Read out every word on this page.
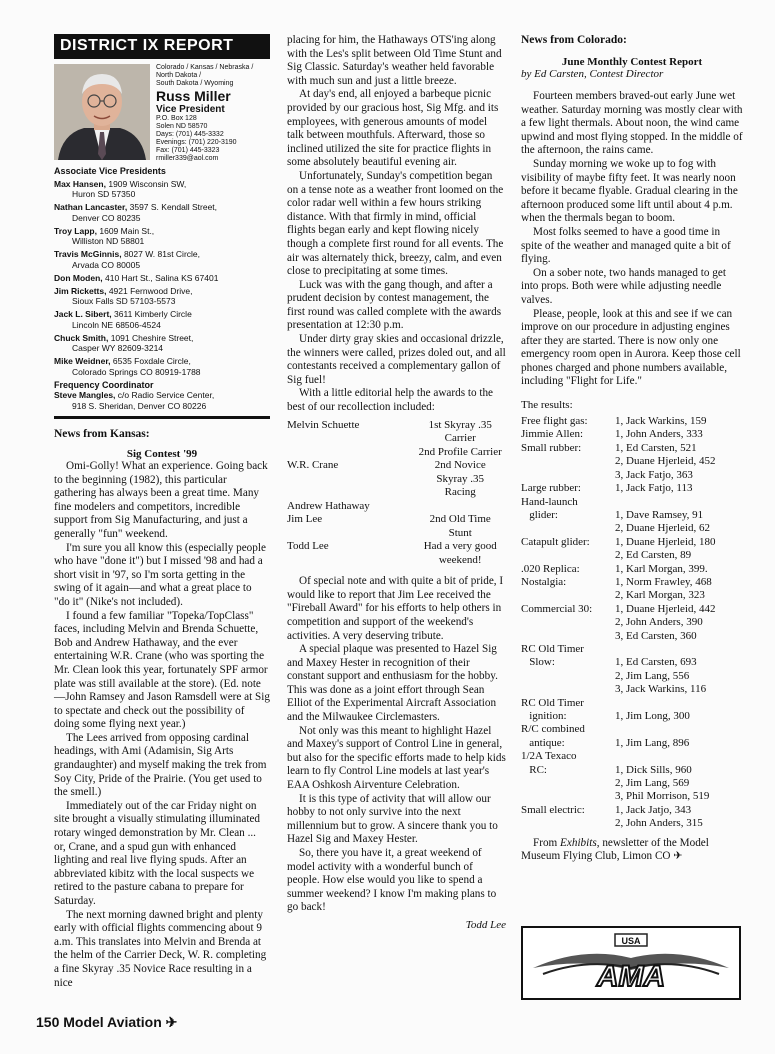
DISTRICT IX REPORT
Colorado / Kansas / Nebraska /
North Dakota /
South Dakota / Wyoming
Russ Miller
Vice President
P.O. Box 128
Solen ND 58570
Days: (701) 445-3332
Evenings: (701) 220-3190
Fax: (701) 445-3323
rmiller339@aol.com
Associate Vice Presidents
Max Hansen, 1909 Wisconsin SW,
Huron SD 57350
Nathan Lancaster, 3597 S. Kendall Street,
Denver CO 80235
Troy Lapp, 1609 Main St.,
Williston ND 58801
Travis McGinnis, 8027 W. 81st Circle,
Arvada CO 80005
Don Moden, 410 Hart St., Salina KS 67401
Jim Ricketts, 4921 Fernwood Drive,
Sioux Falls SD 57103-5573
Jack L. Sibert, 3611 Kimberly Circle
Lincoln NE 68506-4524
Chuck Smith, 1091 Cheshire Street,
Casper WY 82609-3214
Mike Weidner, 6535 Foxdale Circle,
Colorado Springs CO 80919-1788
Frequency Coordinator
Steve Mangles, c/o Radio Service Center,
918 S. Sheridan, Denver CO 80226
News from Kansas:
Sig Contest '99

Omi-Golly! What an experience. Going back to the beginning (1982), this particular gathering has always been a great time. Many fine modelers and competitors, incredible support from Sig Manufacturing, and just a generally "fun" weekend.

I'm sure you all know this (especially people who have "done it") but I missed '98 and had a short visit in '97, so I'm sorta getting in the swing of it again—and what a great place to "do it" (Nike's not included).

I found a few familiar "Topeka/TopClass" faces, including Melvin and Brenda Schuette, Bob and Andrew Hathaway, and the ever entertaining W.R. Crane (who was sporting the Mr. Clean look this year, fortunately SPF armor plate was still available at the store). (Ed. note—John Ramsey and Jason Ramsdell were at Sig to spectate and check out the possibility of doing some flying next year.)

The Lees arrived from opposing cardinal headings, with Ami (Adamisin, Sig Arts grandaughter) and myself making the trek from Soy City, Pride of the Prairie. (You get used to the smell.)

Immediately out of the car Friday night on site brought a visually stimulating illuminated rotary winged demonstration by Mr. Clean ... or, Crane, and a spud gun with enhanced lighting and real live flying spuds. After an abbreviated kibitz with the local suspects we retired to the pasture cabana to prepare for Saturday.

The next morning dawned bright and plenty early with official flights commencing about 9 a.m. This translates into Melvin and Brenda at the helm of the Carrier Deck, W. R. completing a fine Skyray .35 Novice Race resulting in a nice

placing for him, the Hathaways OTS'ing along with the Les's split between Old Time Stunt and Sig Classic. Saturday's weather held favorable with much sun and just a little breeze.

At day's end, all enjoyed a barbeque picnic provided by our gracious host, Sig Mfg. and its employees, with generous amounts of model talk between mouthfuls. Afterward, those so inclined utilized the site for practice flights in some absolutely beautiful evening air.

Unfortunately, Sunday's competition began on a tense note as a weather front loomed on the color radar well within a few hours striking distance. With that firmly in mind, official flights began early and kept flowing nicely though a complete first round for all events. The air was alternately thick, breezy, calm, and even close to precipitating at some times.

Luck was with the gang though, and after a prudent decision by contest management, the first round was called complete with the awards presentation at 12:30 p.m.

Under dirty gray skies and occasional drizzle, the winners were called, prizes doled out, and all contestants received a complementary gallon of Sig fuel!

With a little editorial help the awards to the best of our recollection included:

Melvin Schuette	1st Skyray .35
Carrier
2nd Profile Carrier
W.R. Crane	2nd Novice
Skyray .35
Racing
Andrew Hathaway
Jim Lee	2nd Old Time
Stunt
Todd Lee	Had a very good
weekend!

Of special note and with quite a bit of pride, I would like to report that Jim Lee received the "Fireball Award" for his efforts to help others in competition and support of the weekend's activities. A very deserving tribute.

A special plaque was presented to Hazel Sig and Maxey Hester in recognition of their constant support and enthusiasm for the hobby. This was done as a joint effort through Sean Elliot of the Experimental Aircraft Association and the Milwaukee Circlemasters.

Not only was this meant to highlight Hazel and Maxey's support of Control Line in general, but also for the specific efforts made to help kids learn to fly Control Line models at last year's EAA Oshkosh Airventure Celebration.

It is this type of activity that will allow our hobby to not only survive into the next millennium but to grow. A sincere thank you to Hazel Sig and Maxey Hester.

So, there you have it, a great weekend of model activity with a wonderful bunch of people. How else would you like to spend a summer weekend? I know I'm making plans to go back!

Todd Lee
News from Colorado:
June Monthly Contest Report
by Ed Carsten, Contest Director

Fourteen members braved-out early June wet weather. Saturday morning was mostly clear with a few light thermals. About noon, the wind came upwind and most flying stopped. In the middle of the afternoon, the rains came.

Sunday morning we woke up to fog with visibility of maybe fifty feet. It was nearly noon before it became flyable. Gradual clearing in the afternoon produced some lift until about 4 p.m. when the thermals began to boom.

Most folks seemed to have a good time in spite of the weather and managed quite a bit of flying.

On a sober note, two hands managed to get into props. Both were while adjusting needle valves.

Please, people, look at this and see if we can improve on our procedure in adjusting engines after they are started. There is now only one emergency room open in Aurora. Keep those cell phones charged and phone numbers available, including "Flight for Life."

The results:
Free flight gas:	1, Jack Warkins, 159
Jimmie Allen:	1, John Anders, 333
Small rubber:	1, Ed Carsten, 521
2, Duane Hjerleid, 452
3, Jack Fatjo, 363
Large rubber:	1, Jack Fatjo, 113
Hand-launch
glider:	1, Dave Ramsey, 91
2, Duane Hjerleid, 62
Catapult glider:	1, Duane Hjerleid, 180
2, Ed Carsten, 89
.020 Replica:	1, Karl Morgan, 399.
Nostalgia:	1, Norm Frawley, 468
2, Karl Morgan, 323
Commercial 30:	1, Duane Hjerleid, 442
2, John Anders, 390
3, Ed Carsten, 360
RC Old Timer
Slow:	1, Ed Carsten, 693
2, Jim Lang, 556
3, Jack Warkins, 116
RC Old Timer
ignition:	1, Jim Long, 300
R/C combined
antique:	1, Jim Lang, 896
1/2A Texaco
RC:	1, Dick Sills, 960
2, Jim Lang, 569
3, Phil Morrison, 519
Small electric:	1, Jack Jatjo, 343
2, John Anders, 315
From Exhibits, newsletter of the Model Museum Flying Club, Limon CO ✈
USA
AMA
150 Model Aviation ✈
